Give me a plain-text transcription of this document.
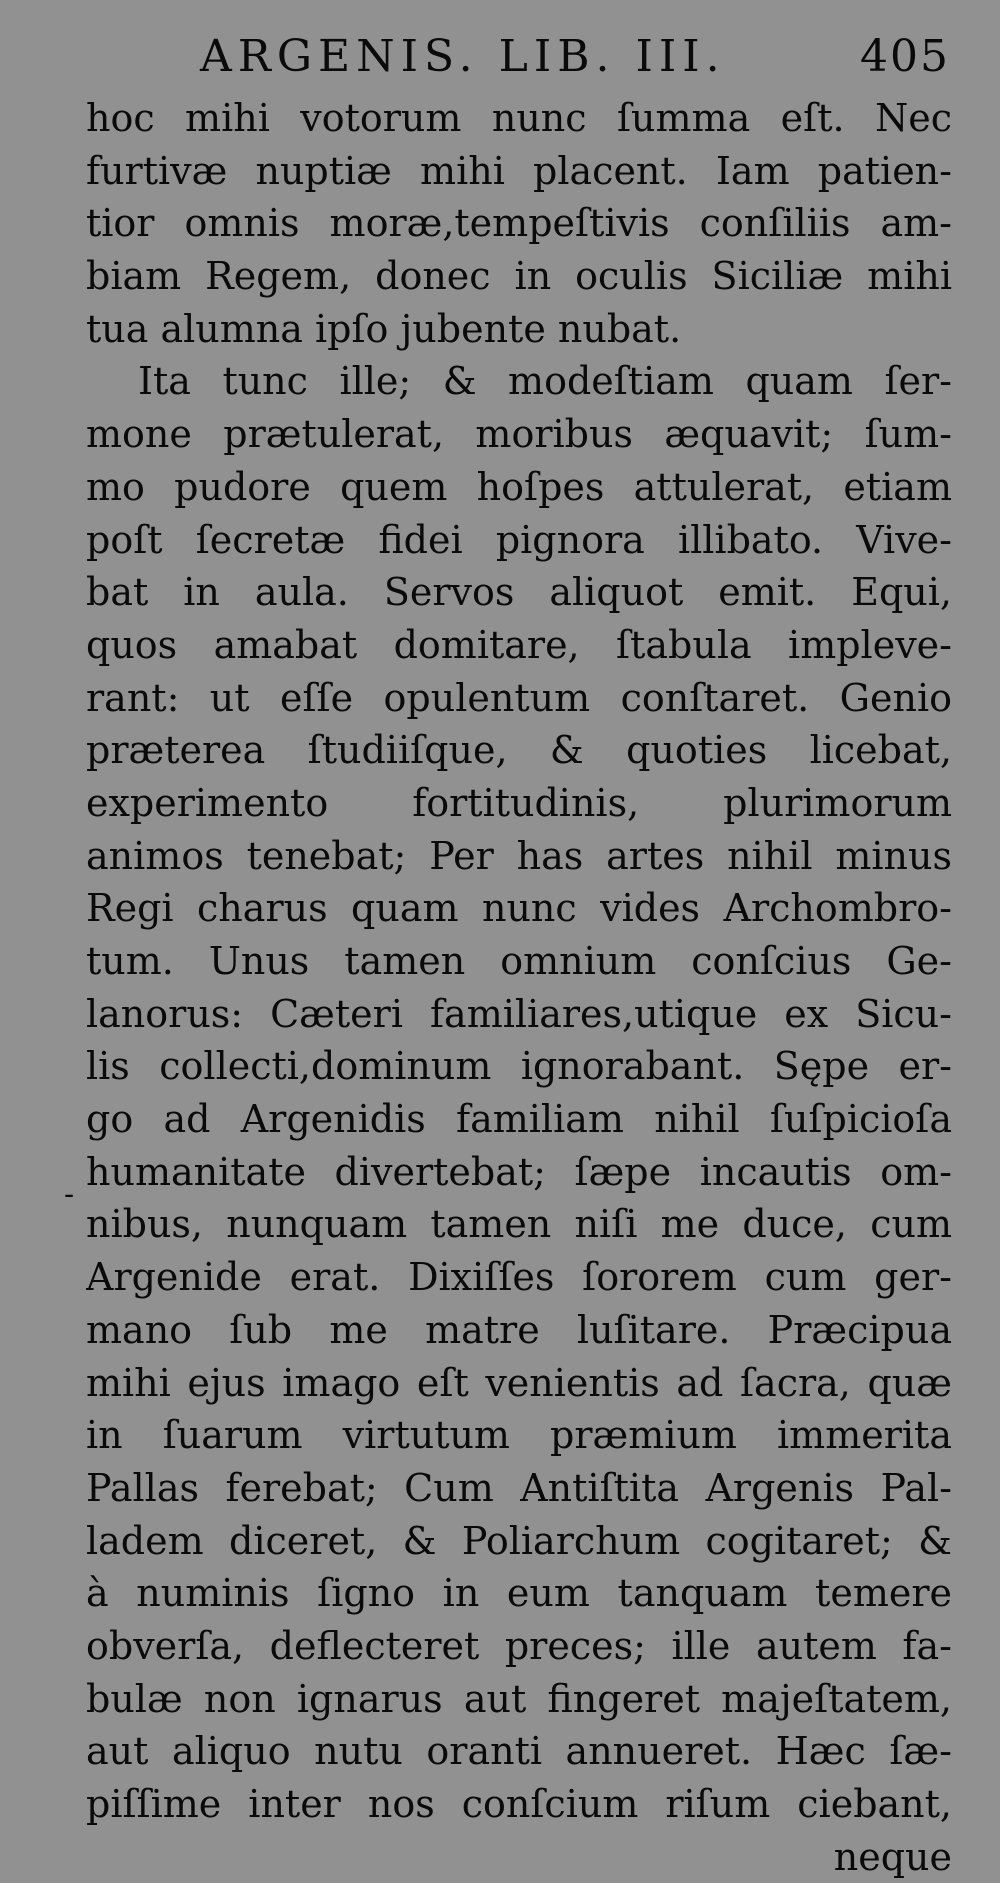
ARGENIS. LIB. III.	405
-
hoc mihi votorum nunc ſumma eſt. Nec
furtivæ nuptiæ mihi placent. Iam patien-
tior omnis moræ,tempeſtivis conſiliis am-
biam Regem, donec in oculis Siciliæ mihi
tua alumna ipſo jubente nubat.
Ita tunc ille; & modeſtiam quam ſer-
mone prætulerat, moribus æquavit; ſum-
mo pudore quem hoſpes attulerat, etiam
poſt ſecretæ fidei pignora illibato. Vive-
bat in aula. Servos aliquot emit. Equi,
quos amabat domitare, ſtabula impleve-
rant: ut eſſe opulentum conſtaret. Genio
præterea ſtudiiſque, & quoties licebat,
experimento fortitudinis, plurimorum
animos tenebat; Per has artes nihil minus
Regi charus quam nunc vides Archombro-
tum. Unus tamen omnium conſcius Ge-
lanorus: Cæteri familiares,utique ex Sicu-
lis collecti,dominum ignorabant. Sępe er-
go ad Argenidis familiam nihil ſuſpicioſa
humanitate divertebat; ſæpe incautis om-
nibus, nunquam tamen niſi me duce, cum
Argenide erat. Dixiſſes ſororem cum ger-
mano ſub me matre luſitare. Præcipua
mihi ejus imago eſt venientis ad ſacra, quæ
in ſuarum virtutum præmium immerita
Pallas ferebat; Cum Antiſtita Argenis Pal-
ladem diceret, & Poliarchum cogitaret; &
à numinis ſigno in eum tanquam temere
obverſa, deflecteret preces; ille autem fa-
bulæ non ignarus aut fingeret majeſtatem,
aut aliquo nutu oranti annueret. Hæc ſæ-
piſſime inter nos conſcium riſum ciebant,
neque
